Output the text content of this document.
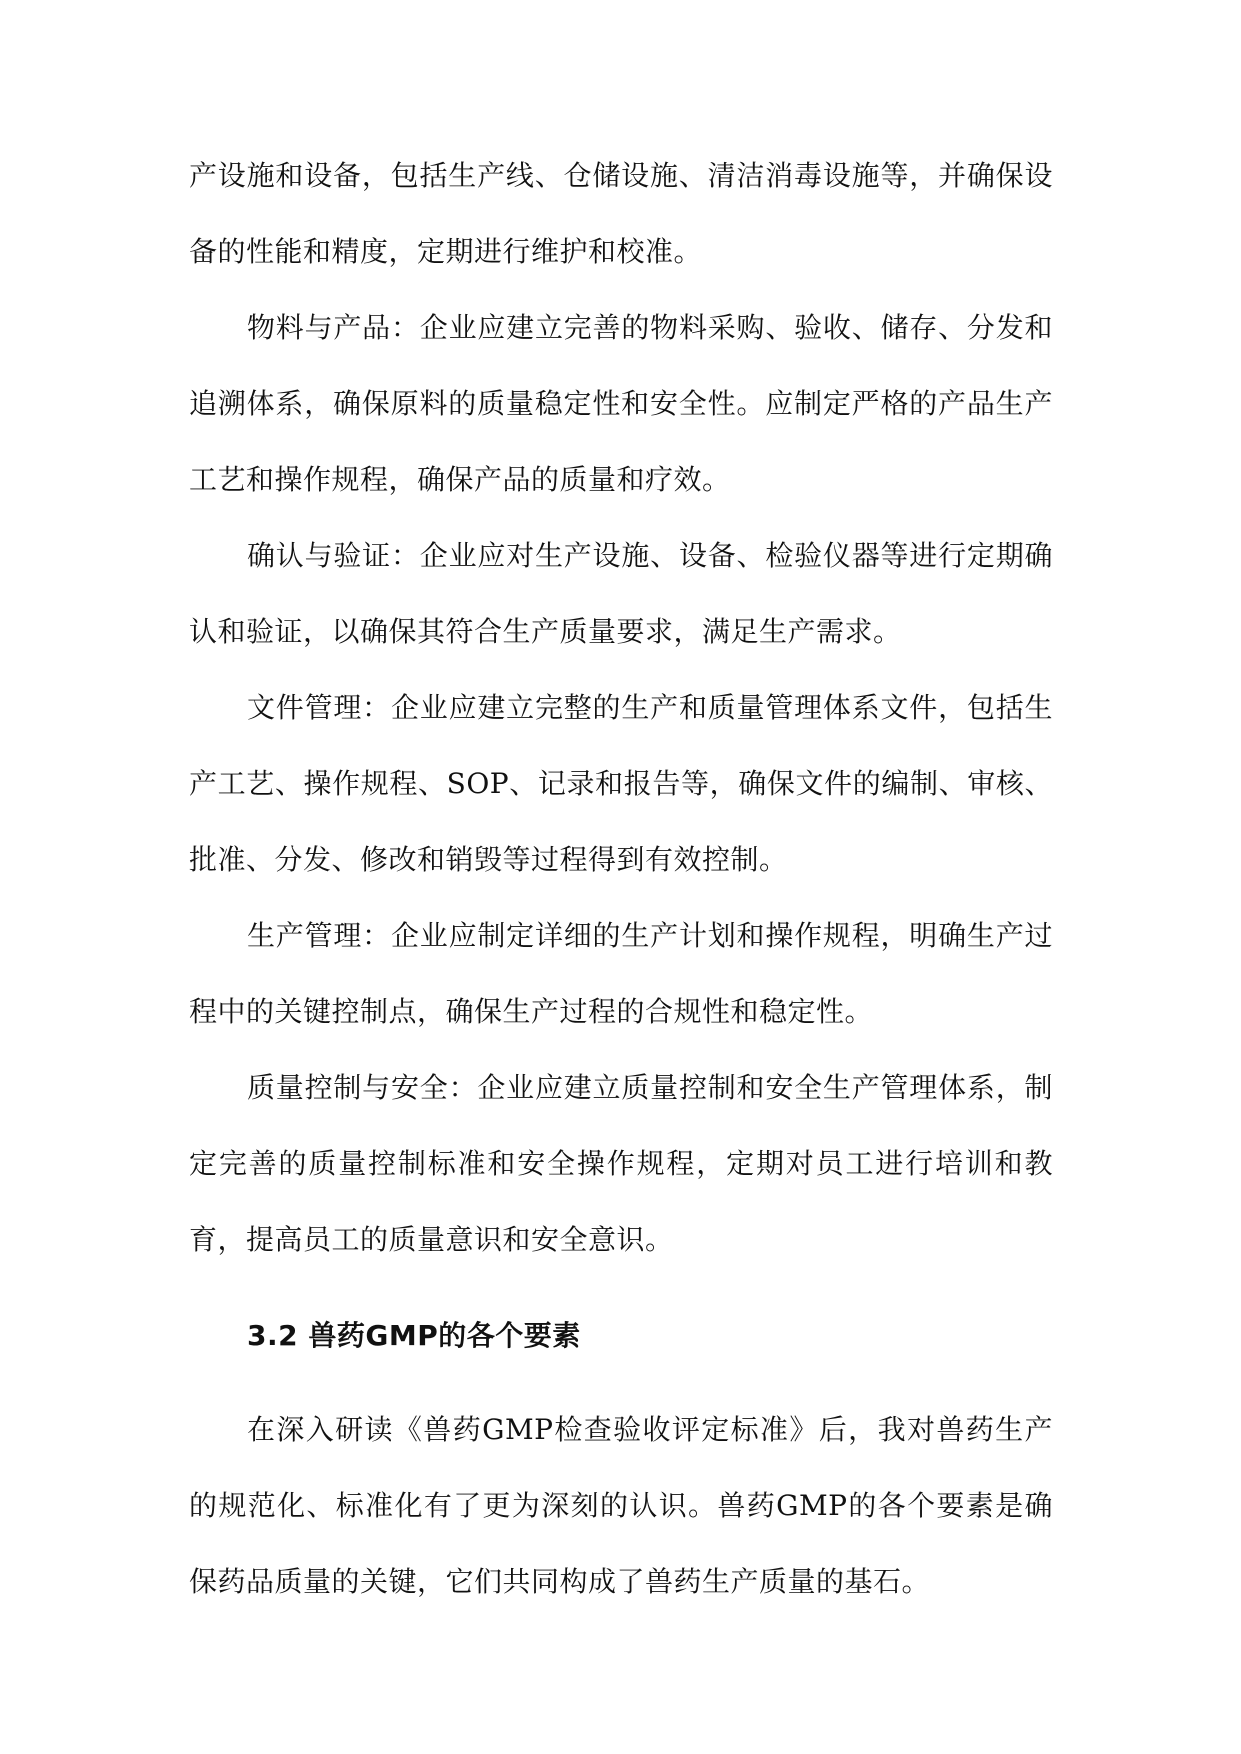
产设施和设备，包括生产线、仓储设施、清洁消毒设施等，并确保设备的性能和精度，定期进行维护和校准。

物料与产品：企业应建立完善的物料采购、验收、储存、分发和追溯体系，确保原料的质量稳定性和安全性。应制定严格的产品生产工艺和操作规程，确保产品的质量和疗效。

确认与验证：企业应对生产设施、设备、检验仪器等进行定期确认和验证，以确保其符合生产质量要求，满足生产需求。

文件管理：企业应建立完整的生产和质量管理体系文件，包括生产工艺、操作规程、SOP、记录和报告等，确保文件的编制、审核、批准、分发、修改和销毁等过程得到有效控制。

生产管理：企业应制定详细的生产计划和操作规程，明确生产过程中的关键控制点，确保生产过程的合规性和稳定性。

质量控制与安全：企业应建立质量控制和安全生产管理体系，制定完善的质量控制标准和安全操作规程，定期对员工进行培训和教育，提高员工的质量意识和安全意识。

3.2 兽药GMP的各个要素

在深入研读《兽药GMP检查验收评定标准》后，我对兽药生产的规范化、标准化有了更为深刻的认识。兽药GMP的各个要素是确保药品质量的关键，它们共同构成了兽药生产质量的基石。
